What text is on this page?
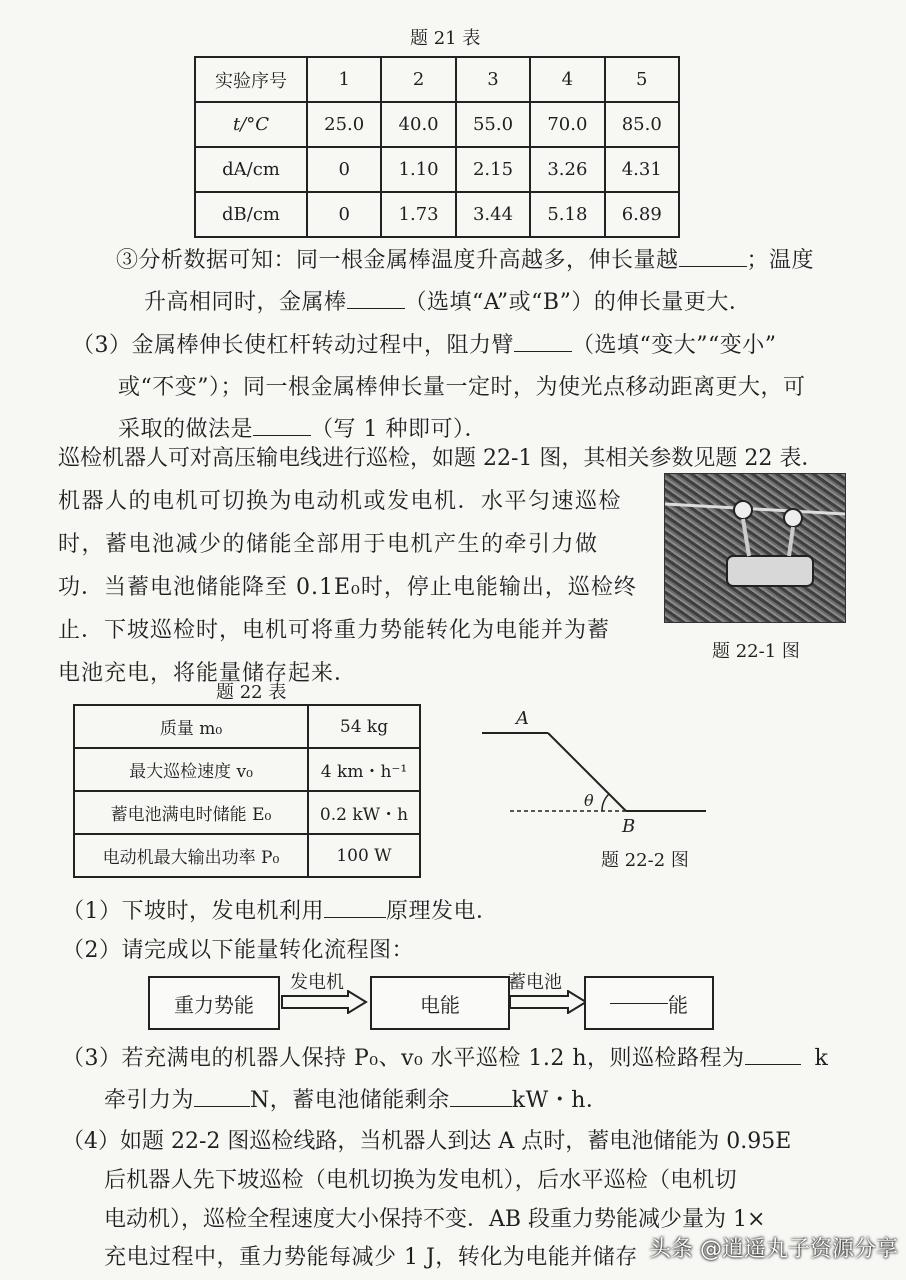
题 21 表
实验序号	1	2	3	4	5
t/°C	25.0	40.0	55.0	70.0	85.0
dA/cm	0	1.10	2.15	3.26	4.31
dB/cm	0	1.73	3.44	5.18	6.89
③分析数据可知：同一根金属棒温度升高越多，伸长量越	；温度
升高相同时，金属棒	（选填“A”或“B”）的伸长量更大．
（3）金属棒伸长使杠杆转动过程中，阻力臂	（选填“变大”“变小”
或“不变”）；同一根金属棒伸长量一定时，为使光点移动距离更大，可
采取的做法是	（写 1 种即可）．
巡检机器人可对高压输电线进行巡检，如题 22-1 图，其相关参数见题 22 表．
机器人的电机可切换为电动机或发电机．水平匀速巡检
时，蓄电池减少的储能全部用于电机产生的牵引力做
功．当蓄电池储能降至 0.1E₀时，停止电能输出，巡检终
止．下坡巡检时，电机可将重力势能转化为电能并为蓄
电池充电，将能量储存起来．
题 22-1 图
题 22 表
质量 m₀	54 kg
最大巡检速度 v₀	4 km・h⁻¹
蓄电池满电时储能 E₀	0.2 kW・h
电动机最大输出功率 P₀	100 W
A
B
θ
题 22-2 图
（1）下坡时，发电机利用	原理发电．
（2）请完成以下能量转化流程图：
重力势能
发电机
电能
蓄电池
能
（3）若充满电的机器人保持 P₀、v₀ 水平巡检 1.2 h，则巡检路程为	k
牵引力为	N，蓄电池储能剩余	kW・h．
（4）如题 22-2 图巡检线路，当机器人到达 A 点时，蓄电池储能为 0.95E
后机器人先下坡巡检（电机切换为发电机），后水平巡检（电机切
电动机），巡检全程速度大小保持不变．AB 段重力势能减少量为 1×
充电过程中，重力势能每减少 1 J，转化为电能并储存 头条 @逍遥丸子资源分享
